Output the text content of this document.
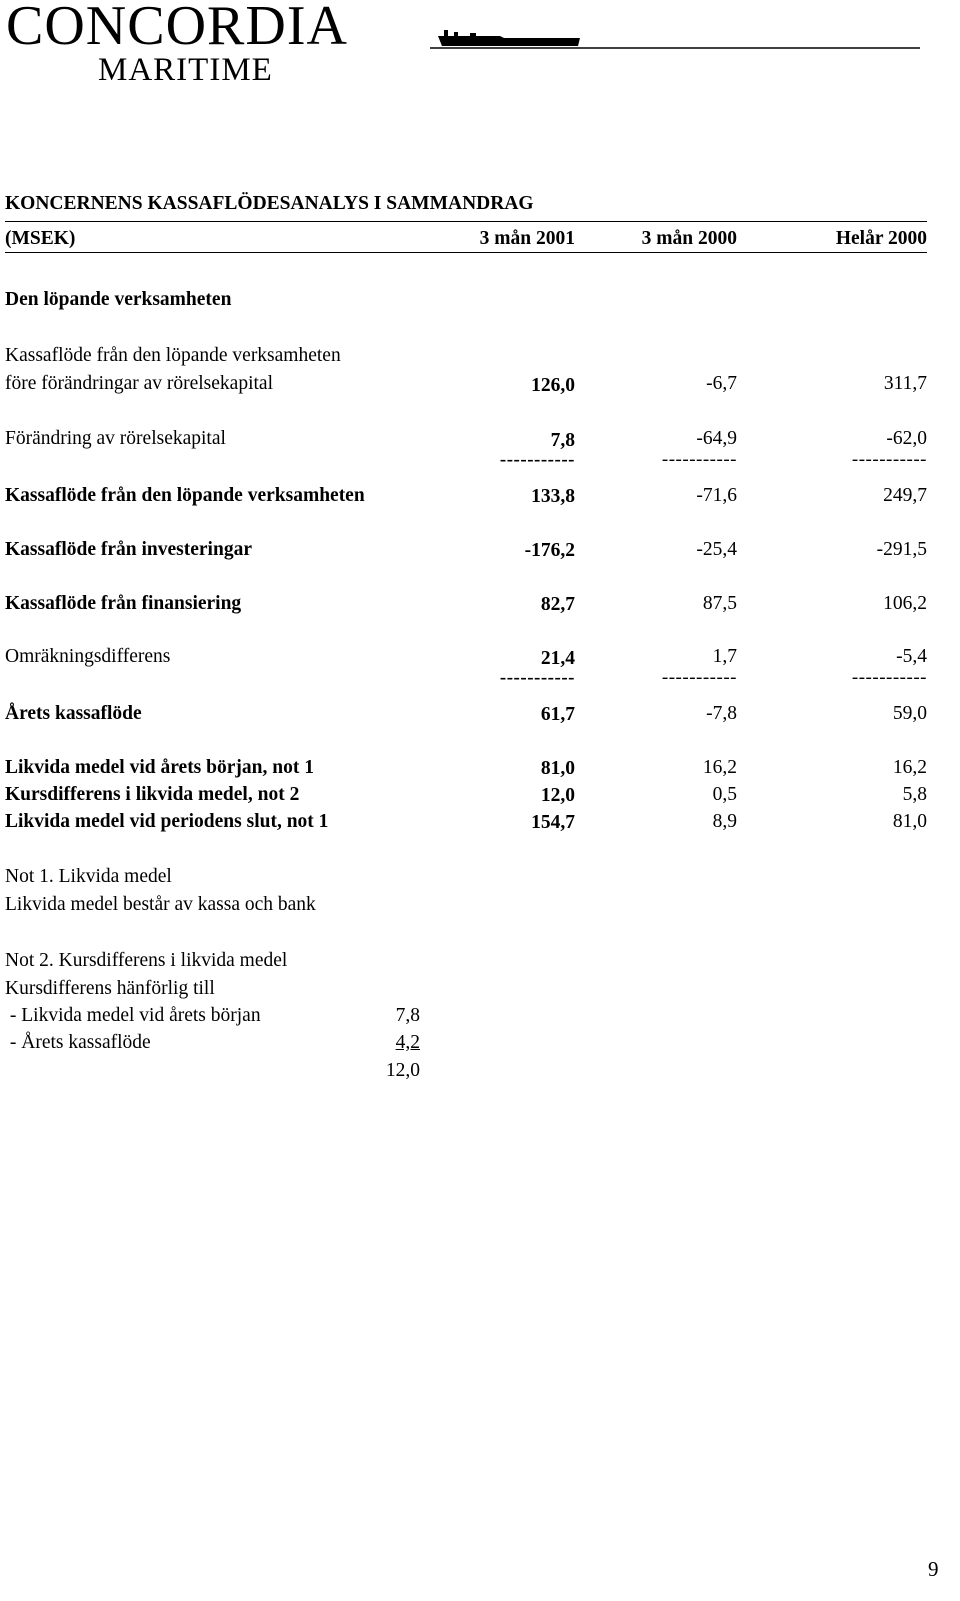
CONCORDIA
MARITIME
KONCERNENS KASSAFLÖDESANALYS I SAMMANDRAG
(MSEK)	3 mån 2001	3 mån 2000	Helår 2000
Den löpande verksamheten
Kassaflöde från den löpande verksamheten
före förändringar av rörelsekapital	126,0	-6,7	311,7
Förändring av rörelsekapital	7,8	-64,9	-62,0
-----------	-----------	-----------
Kassaflöde från den löpande verksamheten	133,8	-71,6	249,7
Kassaflöde från investeringar	-176,2	-25,4	-291,5
Kassaflöde från finansiering	82,7	87,5	106,2
Omräkningsdifferens	21,4	1,7	-5,4
-----------	-----------	-----------
Årets kassaflöde	61,7	-7,8	59,0
Likvida medel vid årets början, not 1	81,0	16,2	16,2
Kursdifferens i likvida medel, not 2	12,0	0,5	5,8
Likvida medel vid periodens slut, not 1	154,7	8,9	81,0
Not 1. Likvida medel
Likvida medel består av kassa och bank
Not 2. Kursdifferens i likvida medel
Kursdifferens hänförlig till
- Likvida medel vid årets början	7,8
- Årets kassaflöde	4,2
12,0
9
